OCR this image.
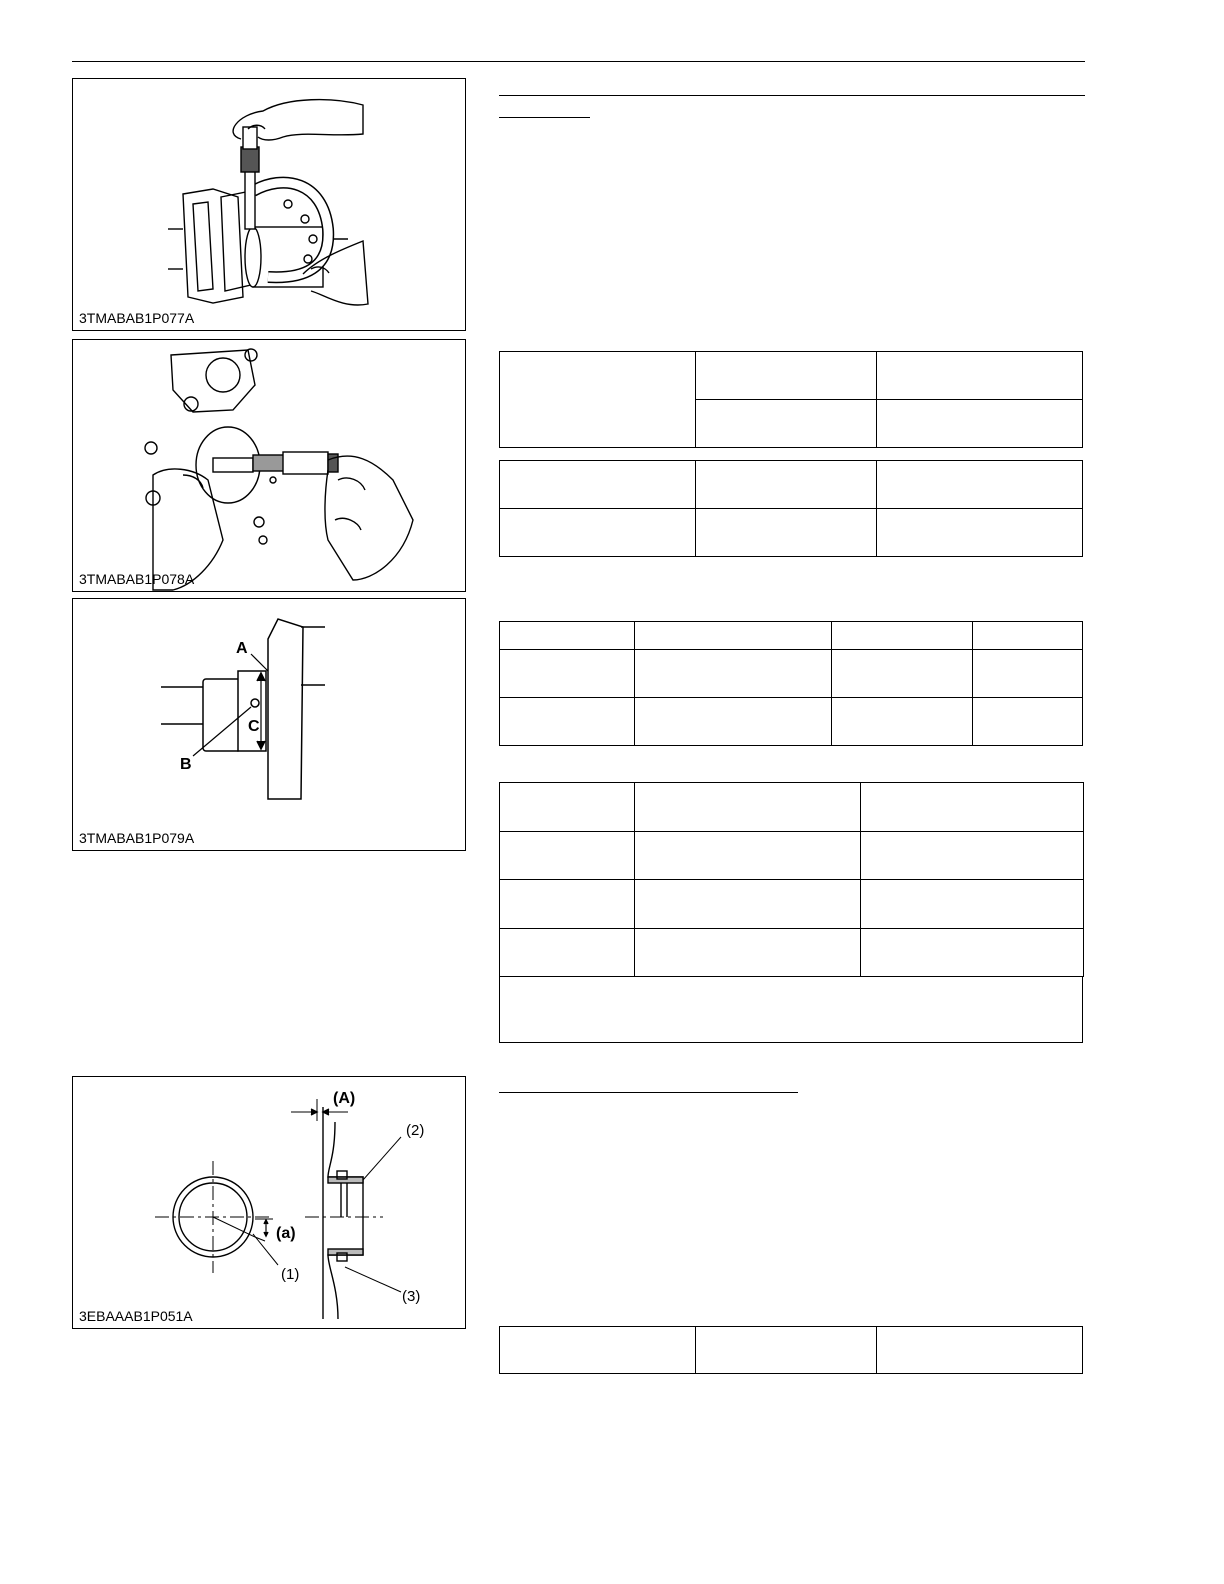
3TMABAB1P077A
3TMABAB1P078A
A
C
B
3TMABAB1P079A
(A)
(a)
(1)
(2)
(3)
3EBAAAB1P051A
